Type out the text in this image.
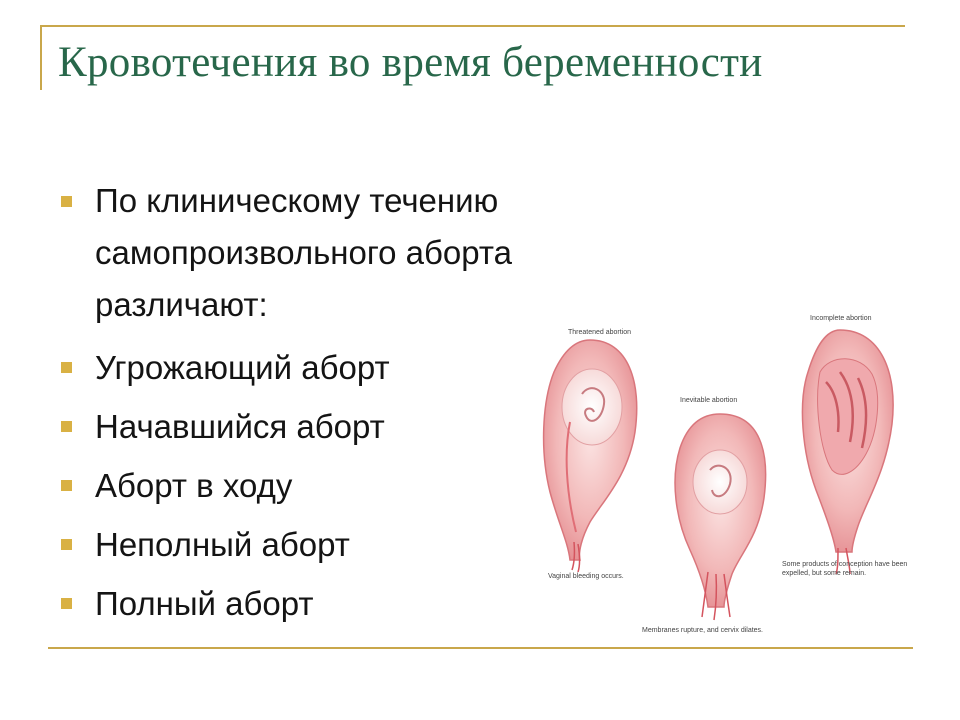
Кровотечения во время беременности
По клиническому течению
самопроизвольного аборта
различают:
Угрожающий аборт
Начавшийся аборт
Аборт в ходу
Неполный аборт
Полный аборт
Threatened abortion
Inevitable abortion
Incomplete abortion
Vaginal bleeding occurs.
Membranes rupture, and cervix dilates.
Some products of conception have been
expelled, but some remain.
